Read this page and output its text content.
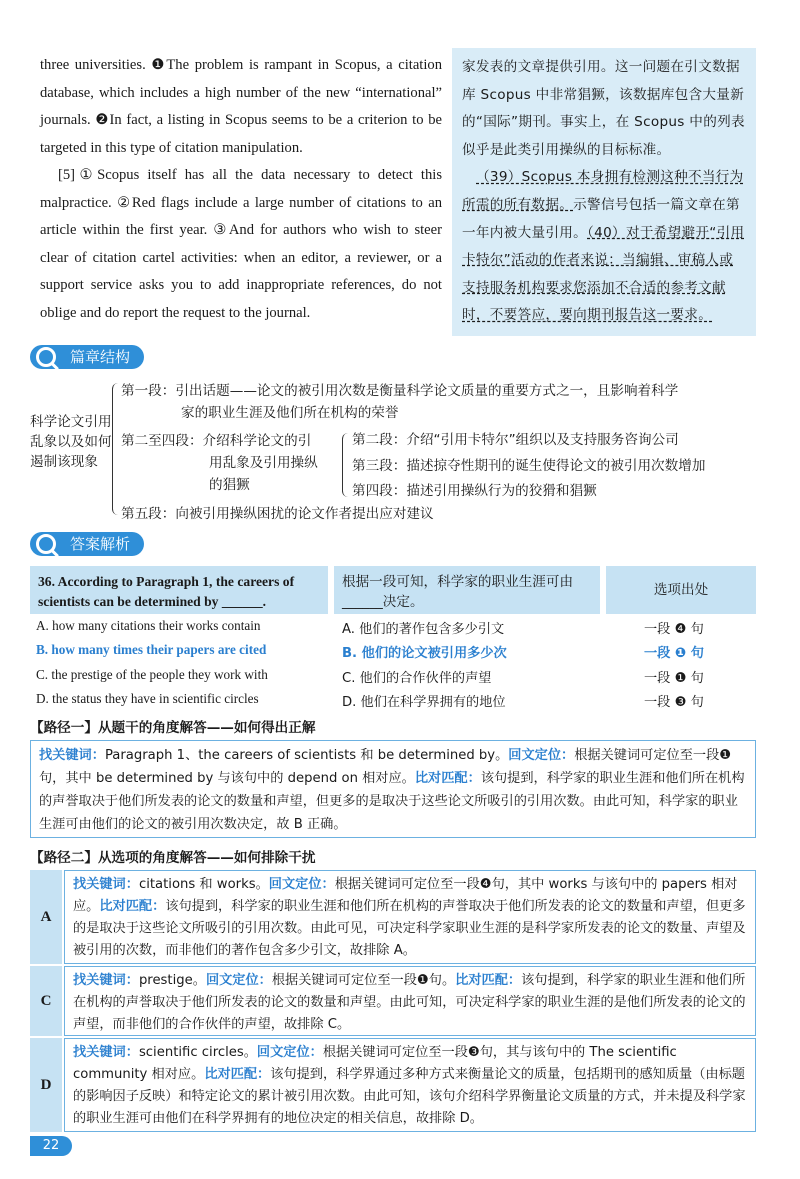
three universities. ❶The problem is rampant in Scopus, a citation database, which includes a high number of the new “international” journals. ❷In fact, a listing in Scopus seems to be a criterion to be targeted in this type of citation manipulation.

[5]①Scopus itself has all the data necessary to detect this malpractice. ②Red flags include a large number of citations to an article within the first year. ③And for authors who wish to steer clear of citation cartel activities: when an editor, a reviewer, or a support service asks you to add inappropriate references, do not oblige and do report the request to the journal.

家发表的文章提供引用。这一问题在引文数据库 Scopus 中非常猖獗，该数据库包含大量新的“国际”期刊。事实上，在 Scopus 中的列表似乎是此类引用操纵的目标标准。

（39）Scopus 本身拥有检测这种不当行为所需的所有数据。示警信号包括一篇文章在第一年内被大量引用。（40）对于希望避开“引用卡特尔”活动的作者来说：当编辑、审稿人或支持服务机构要求您添加不合适的参考文献时，不要答应，要向期刊报告这一要求。

篇章结构
科学论文引用乱象以及如何遏制该现象
第一段：引出话题——论文的被引用次数是衡量科学论文质量的重要方式之一，且影响着科学
家的职业生涯及他们所在机构的荣誉
第二至四段：介绍科学论文的引
用乱象及引用操纵
的猖獗
第二段：介绍“引用卡特尔”组织以及支持服务咨询公司
第三段：描述掠夺性期刊的诞生使得论文的被引用次数增加
第四段：描述引用操纵行为的狡猾和猖獗
第五段：向被引用操纵困扰的论文作者提出应对建议
答案解析
36. According to Paragraph 1, the careers of scientists can be determined by ______.
根据一段可知，科学家的职业生涯可由______决定。
选项出处
A. how many citations their works contain	A. 他们的著作包含多少引文	一段 ❹ 句
B. how many times their papers are cited	B. 他们的论文被引用多少次	一段 ❶ 句
C. the prestige of the people they work with	C. 他们的合作伙伴的声望	一段 ❶ 句
D. the status they have in scientific circles	D. 他们在科学界拥有的地位	一段 ❸ 句
【路径一】从题干的角度解答——如何得出正解
找关键词：Paragraph 1、the careers of scientists 和 be determined by。回文定位：根据关键词可定位至一段❶句，其中 be determined by 与该句中的 depend on 相对应。比对匹配：该句提到，科学家的职业生涯和他们所在机构的声誉取决于他们所发表的论文的数量和声望，但更多的是取决于这些论文所吸引的引用次数。由此可知，科学家的职业生涯可由他们的论文的被引用次数决定，故 B 正确。
【路径二】从选项的角度解答——如何排除干扰
A
找关键词：citations 和 works。回文定位：根据关键词可定位至一段❹句，其中 works 与该句中的 papers 相对应。比对匹配：该句提到，科学家的职业生涯和他们所在机构的声誉取决于他们所发表的论文的数量和声望，但更多的是取决于这些论文所吸引的引用次数。由此可见，可决定科学家职业生涯的是科学家所发表的论文的数量、声望及被引用的次数，而非他们的著作包含多少引文，故排除 A。
C
找关键词：prestige。回文定位：根据关键词可定位至一段❶句。比对匹配：该句提到，科学家的职业生涯和他们所在机构的声誉取决于他们所发表的论文的数量和声望。由此可知，可决定科学家的职业生涯的是他们所发表的论文的声望，而非他们的合作伙伴的声望，故排除 C。
D
找关键词：scientific circles。回文定位：根据关键词可定位至一段❸句，其与该句中的 The scientific community 相对应。比对匹配：该句提到，科学界通过多种方式来衡量论文的质量，包括期刊的感知质量（由标题的影响因子反映）和特定论文的累计被引用次数。由此可知，该句介绍科学界衡量论文质量的方式，并未提及科学家的职业生涯可由他们在科学界拥有的地位决定的相关信息，故排除 D。
22
